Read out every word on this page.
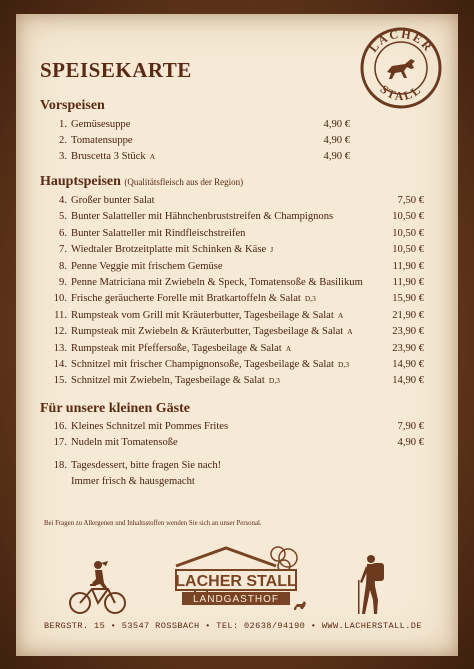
SPEISEKARTE
LACHER
STALL
Vorspeisen
1. Gemüsesuppe	4,90 €
2. Tomatensuppe	4,90 €
3. Bruscetta 3 Stück A	4,90 €
Hauptspeisen (Qualitätsfleisch aus der Region)
4. Großer bunter Salat	7,50 €
5. Bunter Salatteller mit Hähnchenbruststreifen & Champignons	10,50 €
6. Bunter Salatteller mit Rindfleischstreifen	10,50 €
7. Wiedtaler Brotzeitplatte mit Schinken & Käse J	10,50 €
8. Penne Veggie mit frischem Gemüse	11,90 €
9. Penne Matriciana mit Zwiebeln & Speck, Tomatensoße & Basilikum	11,90 €
10. Frische geräucherte Forelle mit Bratkartoffeln & Salat D,3	15,90 €
11. Rumpsteak vom Grill mit Kräuterbutter, Tagesbeilage & Salat A	21,90 €
12. Rumpsteak mit Zwiebeln & Kräuterbutter, Tagesbeilage & Salat A	23,90 €
13. Rumpsteak mit Pfeffersoße, Tagesbeilage & Salat A	23,90 €
14. Schnitzel mit frischer Champignonsoße, Tagesbeilage & Salat D,3	14,90 €
15. Schnitzel mit Zwiebeln, Tagesbeilage & Salat D,3	14,90 €
Für unsere kleinen Gäste
16. Kleines Schnitzel mit Pommes Frites	7,90 €
17. Nudeln mit Tomatensoße	4,90 €
18. Tagesdessert, bitte fragen Sie nach!
Immer frisch & hausgemacht
Bei Fragen zu Allergenen und Inhaltsstoffen wenden Sie sich an unser Personal.
LACHER STALL
LANDGASTHOF
BERGSTR. 15 • 53547 ROSSBACH • TEL: 02638/94190 • WWW.LACHERSTALL.DE
